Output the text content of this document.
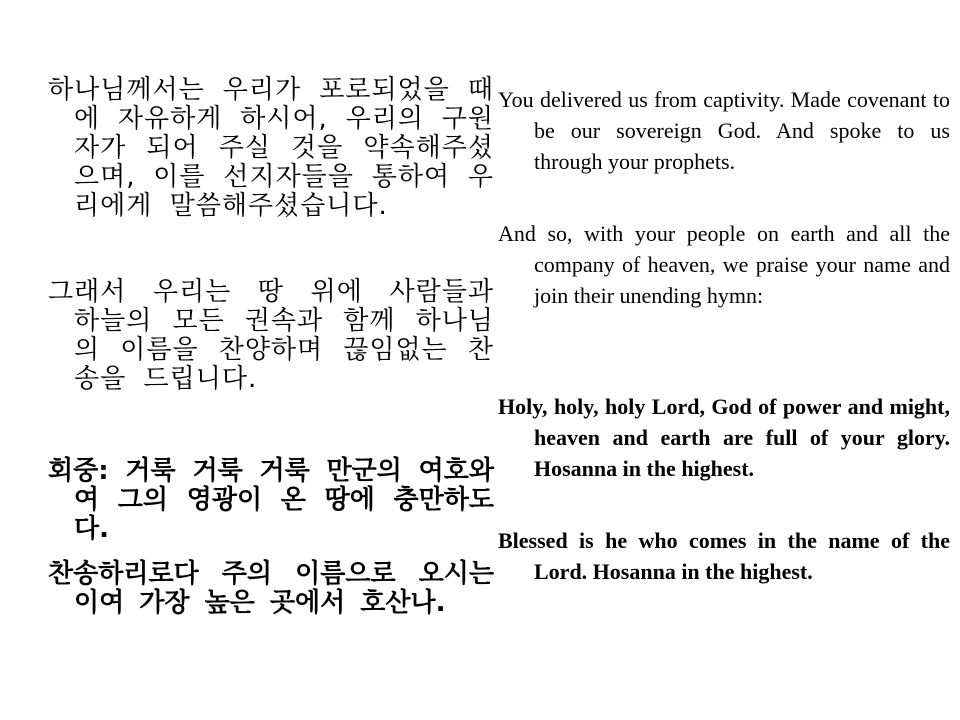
하나님께서는 우리가 포로되었을 때에 자유하게 하시어, 우리의 구원자가 되어 주실 것을 약속해주셨으며, 이를 선지자들을 통하여 우리에게 말씀해주셨습니다.

그래서 우리는 땅 위에 사람들과 하늘의 모든 권속과 함께 하나님의 이름을 찬양하며 끊임없는 찬송을 드립니다.

회중: 거룩 거룩 거룩 만군의 여호와여 그의 영광이 온 땅에 충만하도다.

찬송하리로다 주의 이름으로 오시는 이여 가장 높은 곳에서 호산나.

You delivered us from captivity. Made covenant to be our sovereign God. And spoke to us through your prophets.

And so, with your people on earth and all the company of heaven, we praise your name and join their unending hymn:

Holy, holy, holy Lord, God of power and might, heaven and earth are full of your glory. Hosanna in the highest.

Blessed is he who comes in the name of the Lord. Hosanna in the highest.
